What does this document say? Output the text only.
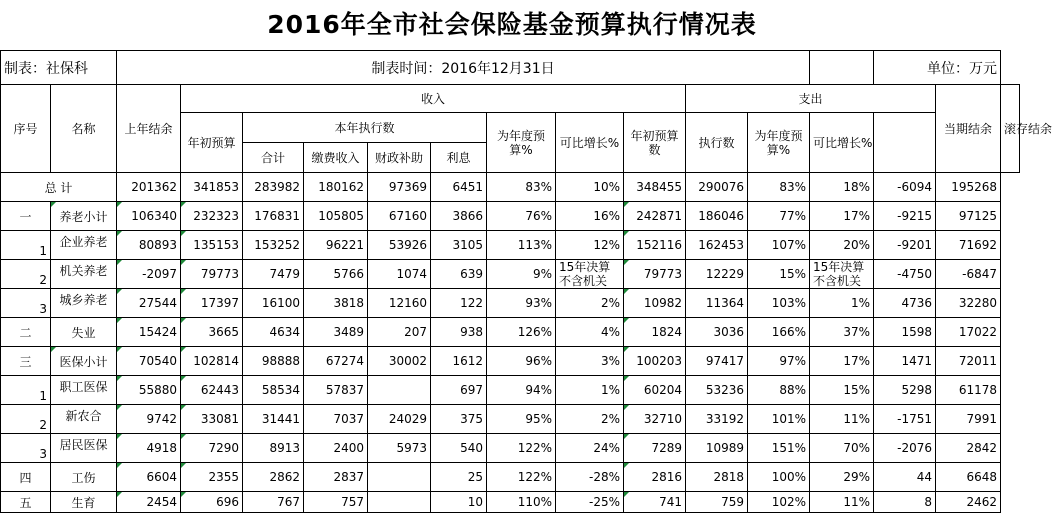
2016年全市社会保险基金预算执行情况表
制表：社保科		制表时间：2016年12月31日												单位：万元		
序号	名称	上年结余	收入								支出				当期结余	滚存结余
			年初预算	本年执行数				为年度预算%	可比增长%	年初预算数	执行数	为年度预算%	可比增长%			
				合计	缴费收入	财政补助	利息									
总 计		201362	341853	283982	180162	97369	6451	83%	10%	348455	290076	83%	18%	-6094	195268	
一	养老小计	106340	232323	176831	105805	67160	3866	76%	16%	242871	186046	77%	17%	-9215	97125	
1	企业养老	80893	135153	153252	96221	53926	3105	113%	12%	152116	162453	107%	20%	-9201	71692	
2	机关养老	-2097	79773	7479	5766	1074	639	9%	15年决算不含机关	79773	12229	15%	15年决算不含机关	-4750	-6847	
3	城乡养老	27544	17397	16100	3818	12160	122	93%	2%	10982	11364	103%	1%	4736	32280	
二	失业	15424	3665	4634	3489	207	938	126%	4%	1824	3036	166%	37%	1598	17022	
三	医保小计	70540	102814	98888	67274	30002	1612	96%	3%	100203	97417	97%	17%	1471	72011	
1	职工医保	55880	62443	58534	57837		697	94%	1%	60204	53236	88%	15%	5298	61178	
2	新农合	9742	33081	31441	7037	24029	375	95%	2%	32710	33192	101%	11%	-1751	7991	
3	居民医保	4918	7290	8913	2400	5973	540	122%	24%	7289	10989	151%	70%	-2076	2842	
四	工伤	6604	2355	2862	2837		25	122%	-28%	2816	2818	100%	29%	44	6648	
五	生育	2454	696	767	757		10	110%	-25%	741	759	102%	11%	8	2462	
